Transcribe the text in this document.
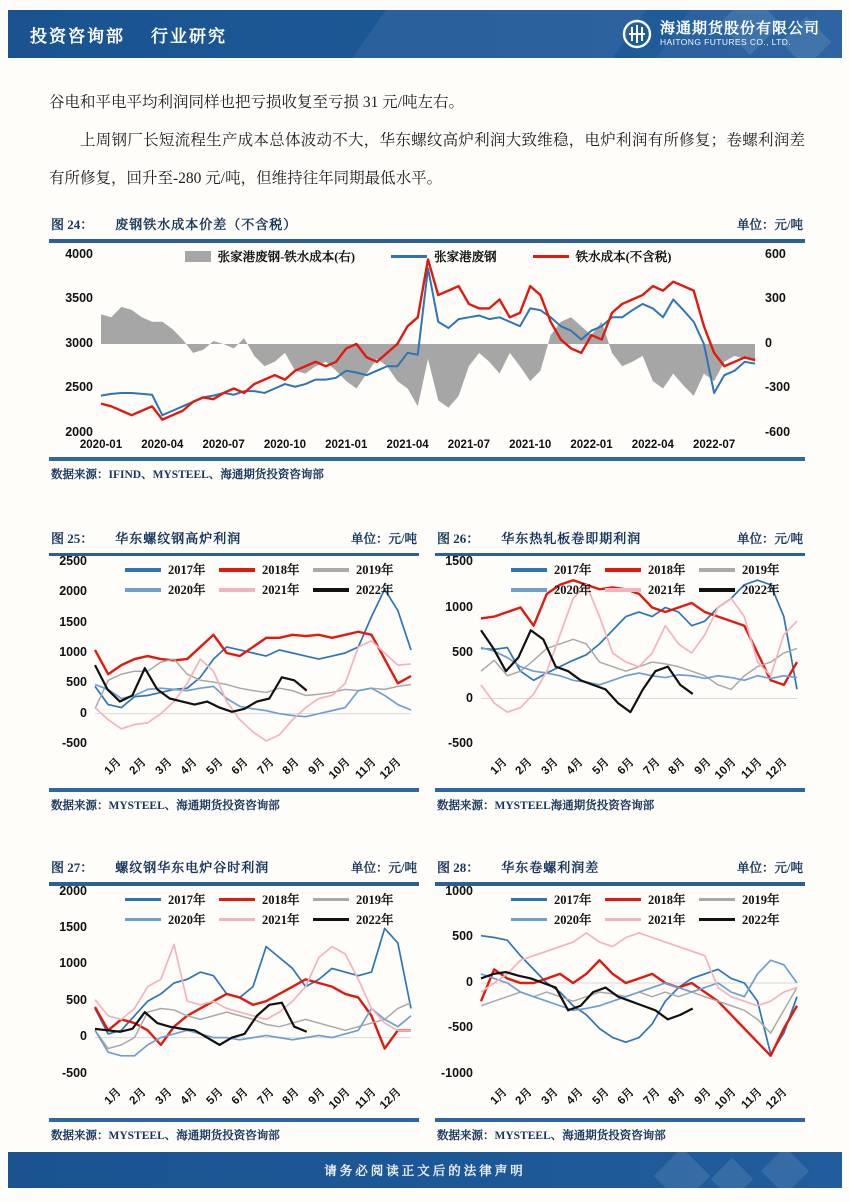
投资咨询部 行业研究	海通期货股份有限公司
HAITONG FUTURES CO., LTD.

谷电和平电平均利润同样也把亏损收复至亏损 31 元/吨左右。

上周钢厂长短流程生产成本总体波动不大，华东螺纹高炉利润大致维稳，电炉利润有所修复；卷螺利润差有所修复，回升至-280 元/吨，但维持往年同期最低水平。

图 24： 废钢铁水成本价差（不含税）	单位：元/吨
4000
3500
3000
2500
2000
600
300
0
-300
-600
2020-01 2020-04 2020-07 2020-10 2021-01 2021-04 2021-07 2021-10 2022-01 2022-04 2022-07
张家港废钢-铁水成本(右)	张家港废钢	铁水成本(不含税)
数据来源：IFIND、MYSTEEL、海通期货投资咨询部
图 25： 华东螺纹钢高炉利润	单位：元/吨
2500
2000
1500
1000
500
0
-500
1月 2月 3月 4月 5月 6月 7月 8月 9月 10月 11月 12月
2017年	2018年	2019年
2020年	2021年	2022年
数据来源：MYSTEEL、海通期货投资咨询部
图 26： 华东热轧板卷即期利润	单位：元/吨
1500
1000
500
0
-500
1月 2月 3月 4月 5月 6月 7月 8月 9月 10月 11月 12月
2017年	2018年	2019年
2020年	2021年	2022年
数据来源：MYSTEEL海通期货投资咨询部
图 27： 螺纹钢华东电炉谷时利润	单位：元/吨
2000
1500
1000
500
0
-500
1月 2月 3月 4月 5月 6月 7月 8月 9月 10月 11月 12月
2017年	2018年	2019年
2020年	2021年	2022年
数据来源：MYSTEEL、海通期货投资咨询部
图 28： 华东卷螺利润差	单位：元/吨
1000
500
0
-500
-1000
1月 2月 3月 4月 5月 6月 7月 8月 9月 10月 11月 12月
2017年	2018年	2019年
2020年	2021年	2022年
数据来源：MYSTEEL、海通期货投资咨询部
请务必阅读正文后的法律声明
